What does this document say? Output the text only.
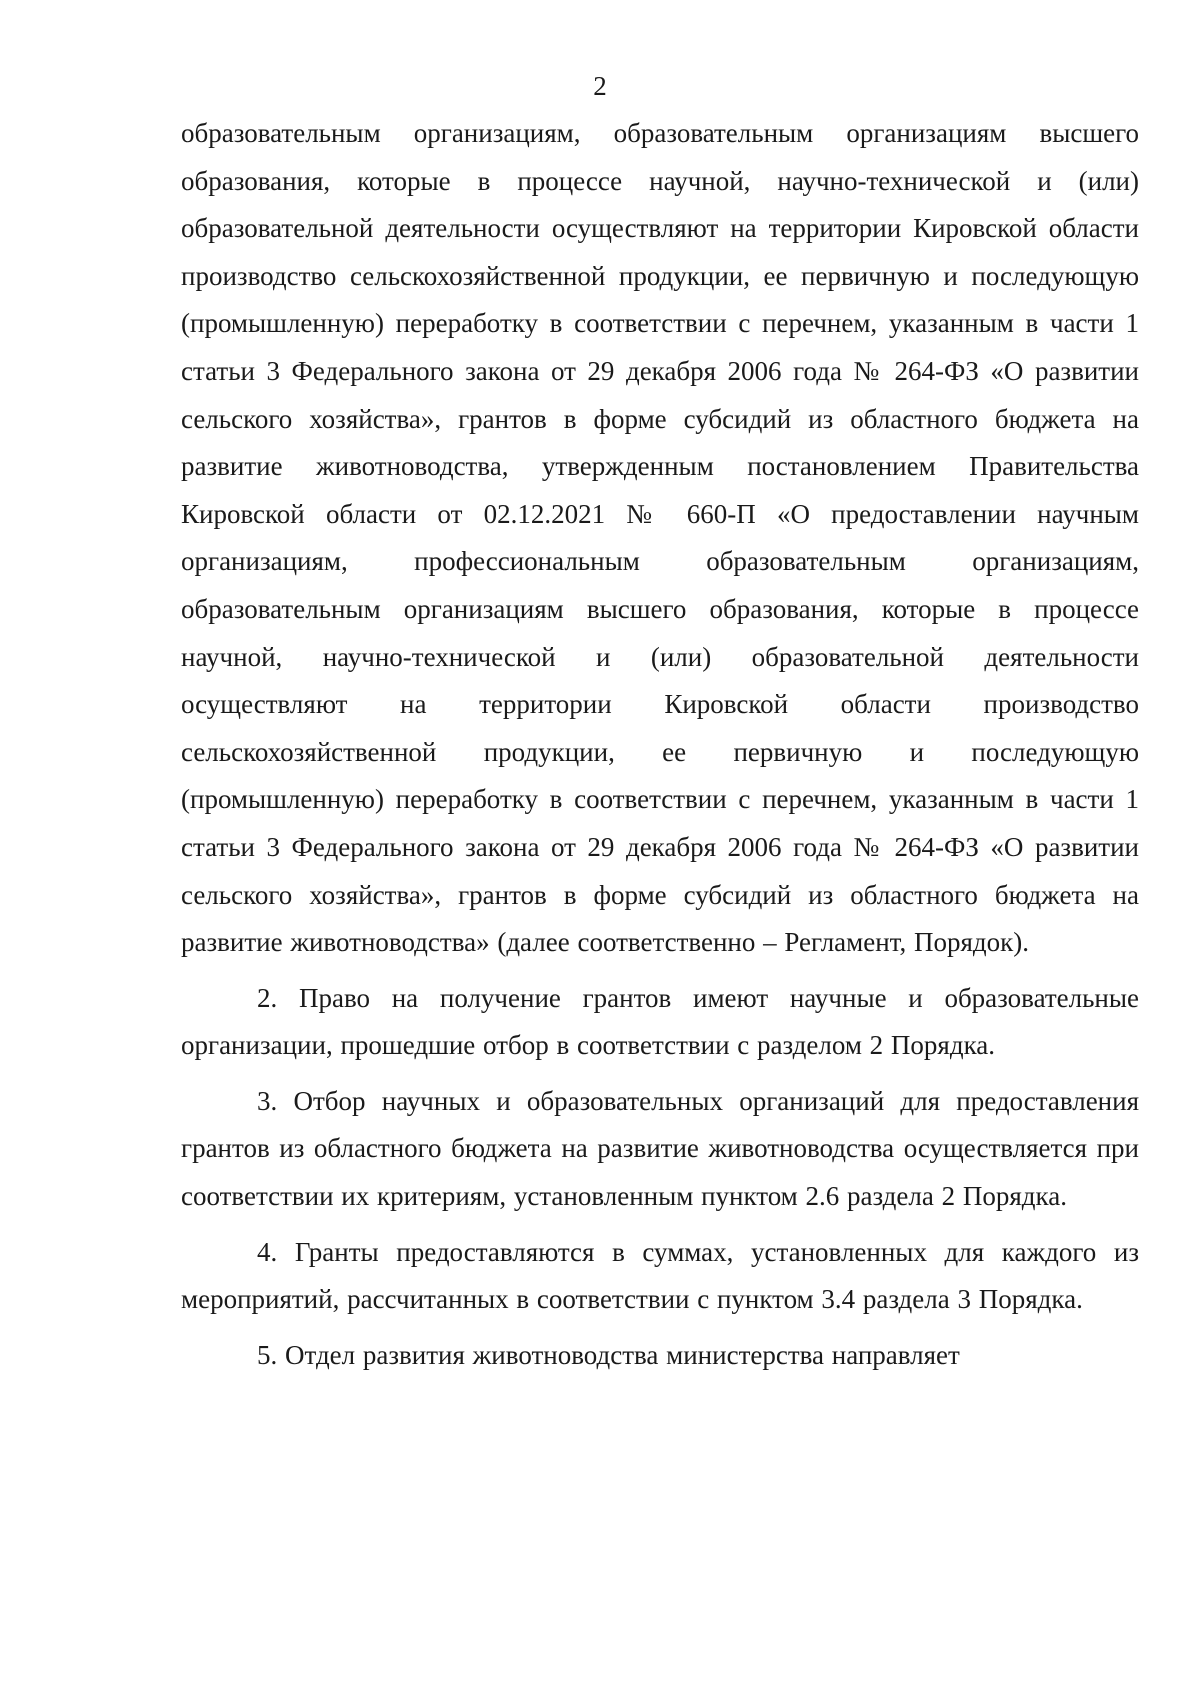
2

образовательным организациям, образовательным организациям высшего образования, которые в процессе научной, научно-технической и (или) образовательной деятельности осуществляют на территории Кировской области производство сельскохозяйственной продукции, ее первичную и последующую (промышленную) переработку в соответствии с перечнем, указанным в части 1 статьи 3 Федерального закона от 29 декабря 2006 года № 264-ФЗ «О развитии сельского хозяйства», грантов в форме субсидий из областного бюджета на развитие животноводства, утвержденным постановлением Правительства Кировской области от 02.12.2021 № 660-П «О предоставлении научным организациям, профессиональным образовательным организациям, образовательным организациям высшего образования, которые в процессе научной, научно-технической и (или) образовательной деятельности осуществляют на территории Кировской области производство сельскохозяйственной продукции, ее первичную и последующую (промышленную) переработку в соответствии с перечнем, указанным в части 1 статьи 3 Федерального закона от 29 декабря 2006 года № 264-ФЗ «О развитии сельского хозяйства», грантов в форме субсидий из областного бюджета на развитие животноводства» (далее соответственно – Регламент, Порядок).

2. Право на получение грантов имеют научные и образовательные организации, прошедшие отбор в соответствии с разделом 2 Порядка.

3. Отбор научных и образовательных организаций для предоставления грантов из областного бюджета на развитие животноводства осуществляется при соответствии их критериям, установленным пунктом 2.6 раздела 2 Порядка.

4. Гранты предоставляются в суммах, установленных для каждого из мероприятий, рассчитанных в соответствии с пунктом 3.4 раздела 3 Порядка.

5. Отдел развития животноводства министерства направляет
